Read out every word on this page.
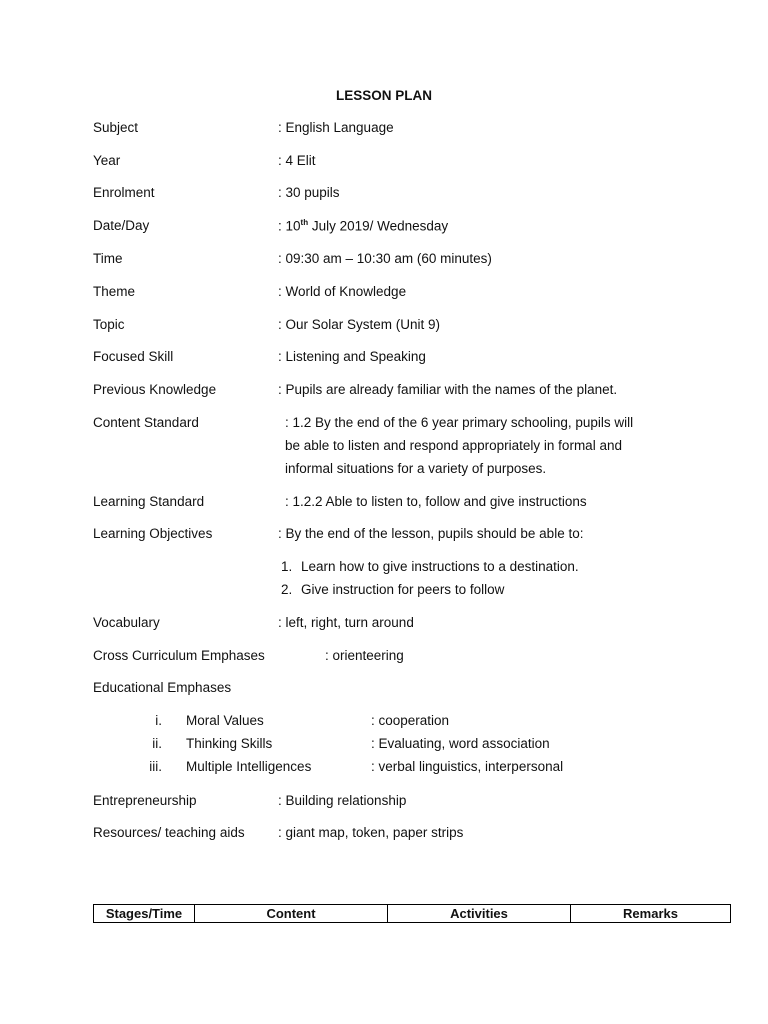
LESSON PLAN
Subject	: English Language
Year	: 4 Elit
Enrolment	: 30 pupils
Date/Day	: 10th July 2019/ Wednesday
Time	: 09:30 am – 10:30 am (60 minutes)
Theme	: World of Knowledge
Topic	: Our Solar System (Unit 9)
Focused Skill	: Listening and Speaking
Previous Knowledge	: Pupils are already familiar with the names of the planet.
Content Standard	: 1.2 By the end of the 6 year primary schooling, pupils will
be able to listen and respond appropriately in formal and
informal situations for a variety of purposes.
Learning Standard	: 1.2.2 Able to listen to, follow and give instructions
Learning Objectives	: By the end of the lesson, pupils should be able to:
1. Learn how to give instructions to a destination.
2. Give instruction for peers to follow
Vocabulary	: left, right, turn around
Cross Curriculum Emphases	: orienteering
Educational Emphases
i. Moral Values	: cooperation
ii. Thinking Skills	: Evaluating, word association
iii. Multiple Intelligences	: verbal linguistics, interpersonal
Entrepreneurship	: Building relationship
Resources/ teaching aids : giant map, token, paper strips
Stages/Time	Content	Activities	Remarks
